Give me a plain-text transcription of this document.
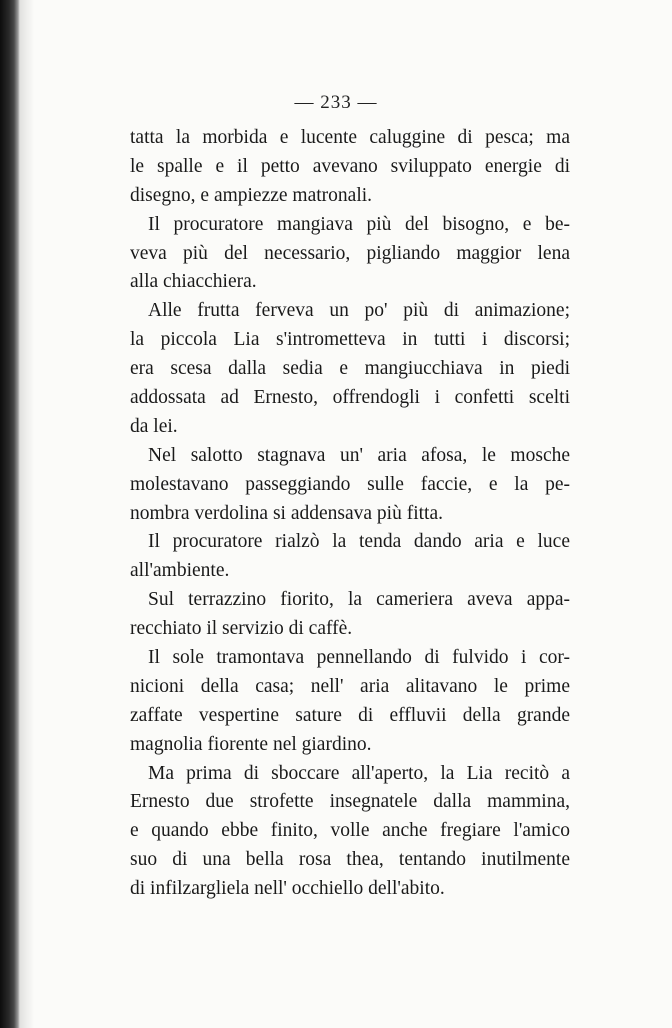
— 233 —
tatta la morbida e lucente caluggine di pesca; ma
le spalle e il petto avevano sviluppato energie di
disegno, e ampiezze matronali.
Il procuratore mangiava più del bisogno, e be-
veva più del necessario, pigliando maggior lena
alla chiacchiera.
Alle frutta ferveva un po' più di animazione;
la piccola Lia s'intrometteva in tutti i discorsi;
era scesa dalla sedia e mangiucchiava in piedi
addossata ad Ernesto, offrendogli i confetti scelti
da lei.
Nel salotto stagnava un' aria afosa, le mosche
molestavano passeggiando sulle faccie, e la pe-
nombra verdolina si addensava più fitta.
Il procuratore rialzò la tenda dando aria e luce
all'ambiente.
Sul terrazzino fiorito, la cameriera aveva appa-
recchiato il servizio di caffè.
Il sole tramontava pennellando di fulvido i cor-
nicioni della casa; nell' aria alitavano le prime
zaffate vespertine sature di effluvii della grande
magnolia fiorente nel giardino.
Ma prima di sboccare all'aperto, la Lia recitò a
Ernesto due strofette insegnatele dalla mammina,
e quando ebbe finito, volle anche fregiare l'amico
suo di una bella rosa thea, tentando inutilmente
di infilzargliela nell' occhiello dell'abito.
